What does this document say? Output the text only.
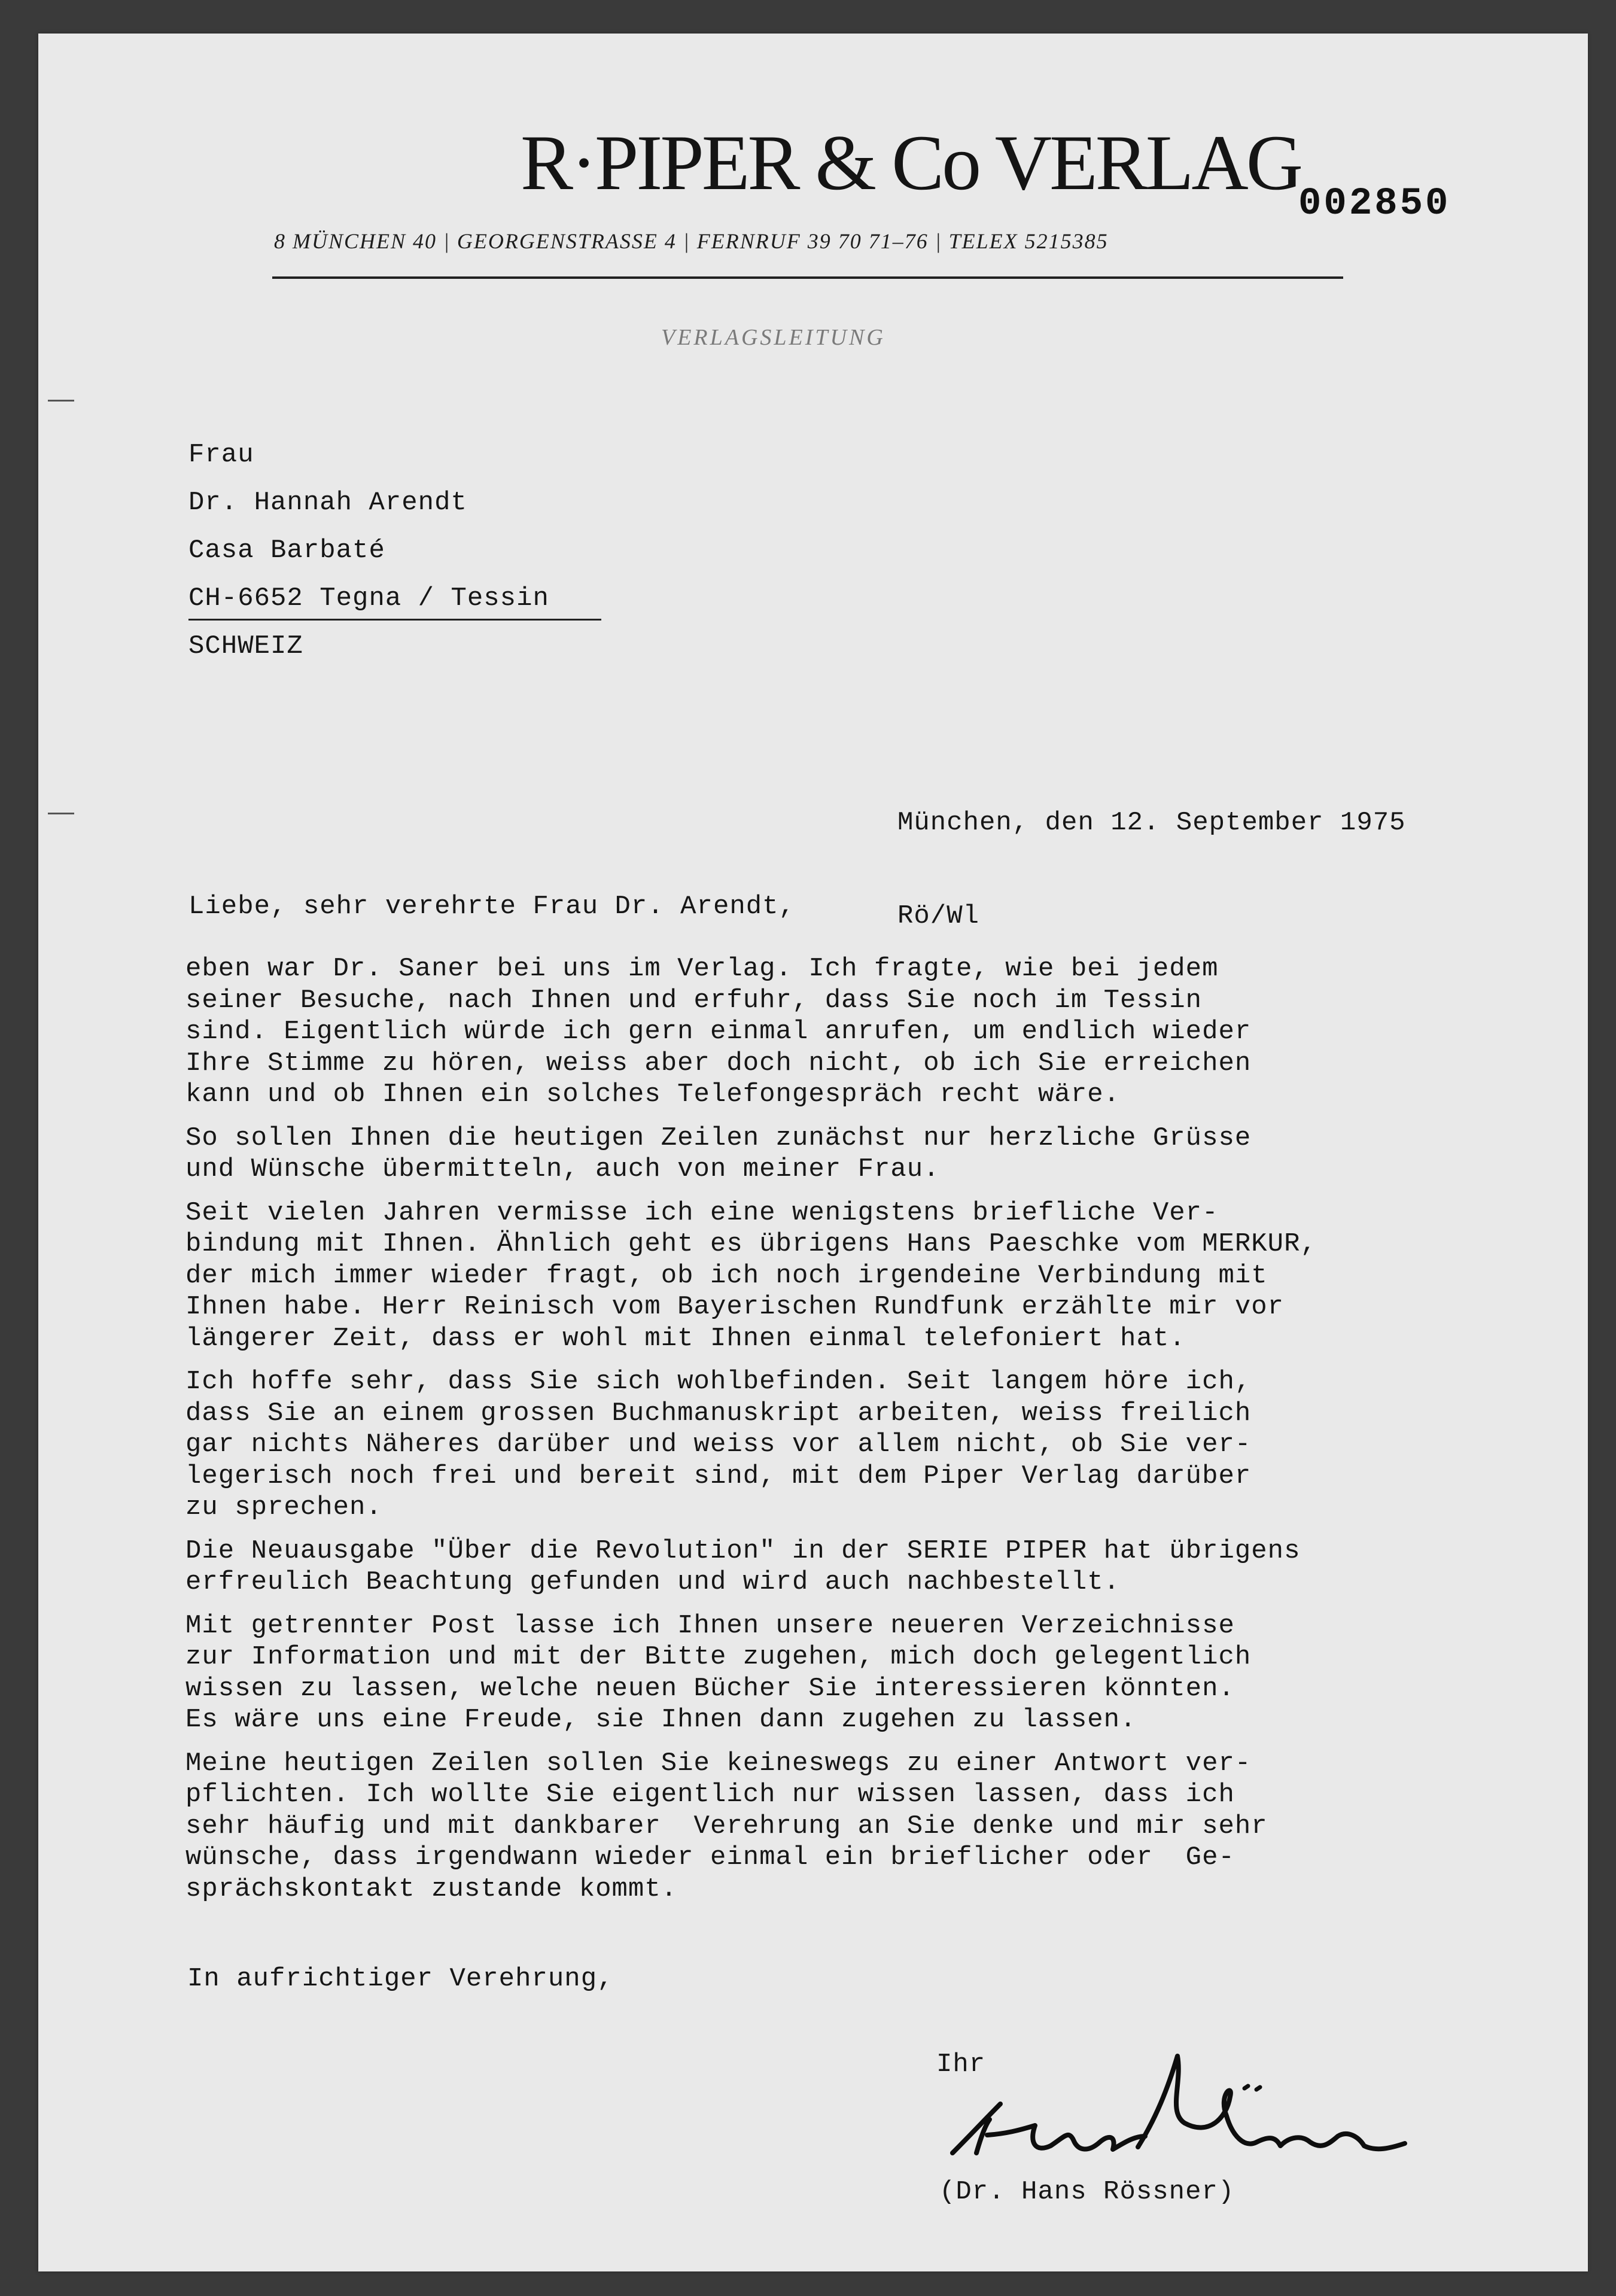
R·PIPER & Co VERLAG
002850
8 MÜNCHEN 40 | GEORGENSTRASSE 4 | FERNRUF 39 70 71–76 | TELEX 5215385
VERLAGSLEITUNG
Frau
Dr. Hannah Arendt
Casa Barbaté
CH-6652 Tegna / Tessin
SCHWEIZ

München, den 12. September 1975

Rö/Wl

Liebe, sehr verehrte Frau Dr. Arendt,
eben war Dr. Saner bei uns im Verlag. Ich fragte, wie bei jedem
seiner Besuche, nach Ihnen und erfuhr, dass Sie noch im Tessin
sind. Eigentlich würde ich gern einmal anrufen, um endlich wieder
Ihre Stimme zu hören, weiss aber doch nicht, ob ich Sie erreichen
kann und ob Ihnen ein solches Telefongespräch recht wäre.
So sollen Ihnen die heutigen Zeilen zunächst nur herzliche Grüsse
und Wünsche übermitteln, auch von meiner Frau.
Seit vielen Jahren vermisse ich eine wenigstens briefliche Ver-
bindung mit Ihnen. Ähnlich geht es übrigens Hans Paeschke vom MERKUR,
der mich immer wieder fragt, ob ich noch irgendeine Verbindung mit
Ihnen habe. Herr Reinisch vom Bayerischen Rundfunk erzählte mir vor
längerer Zeit, dass er wohl mit Ihnen einmal telefoniert hat.
Ich hoffe sehr, dass Sie sich wohlbefinden. Seit langem höre ich,
dass Sie an einem grossen Buchmanuskript arbeiten, weiss freilich
gar nichts Näheres darüber und weiss vor allem nicht, ob Sie ver-
legerisch noch frei und bereit sind, mit dem Piper Verlag darüber
zu sprechen.
Die Neuausgabe "Über die Revolution" in der SERIE PIPER hat übrigens
erfreulich Beachtung gefunden und wird auch nachbestellt.
Mit getrennter Post lasse ich Ihnen unsere neueren Verzeichnisse
zur Information und mit der Bitte zugehen, mich doch gelegentlich
wissen zu lassen, welche neuen Bücher Sie interessieren könnten.
Es wäre uns eine Freude, sie Ihnen dann zugehen zu lassen.
Meine heutigen Zeilen sollen Sie keineswegs zu einer Antwort ver-
pflichten. Ich wollte Sie eigentlich nur wissen lassen, dass ich
sehr häufig und mit dankbarer  Verehrung an Sie denke und mir sehr
wünsche, dass irgendwann wieder einmal ein brieflicher oder  Ge-
sprächskontakt zustande kommt.
In aufrichtiger Verehrung,
Ihr
(Dr. Hans Rössner)
